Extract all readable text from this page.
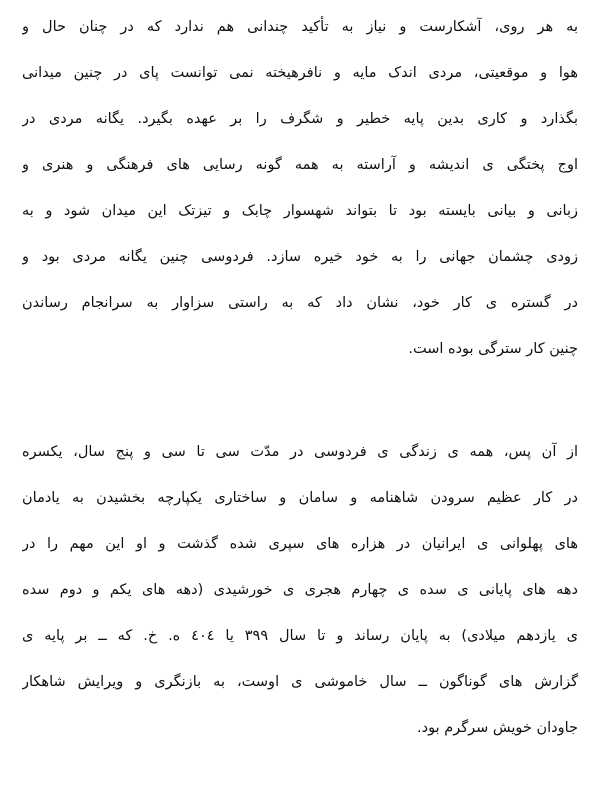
به هر روی، آشکارست و نیاز به تأکید چندانی هم ندارد که در چنان حال و
هوا و موقعیتی، مردی اندک مایه و نافرهیخته نمی توانست پای در چنین میدانی
بگذارد و کاری بدین پایه خطیر و شگرف را بر عهده بگیرد. یگانه مردی در
اوج پختگی ی اندیشه و آراسته به همه گونه رسایی های فرهنگی و هنری و
زبانی و بیانی بایسته بود تا بتواند شهسوار چابک و تیزتک این میدان شود و به
زودی چشمان جهانی را به خود خیره سازد. فردوسی چنین یگانه مردی بود و
در گستره ی کار خود، نشان داد که به راستی سزاوار به سرانجام رساندن
چنین کار سترگی بوده است.
از آن پس، همه ی زندگی ی فردوسی در مدّت سی تا سی و پنج سال، یکسره
در کار عظیم سرودن شاهنامه و سامان و ساختاری یکپارچه بخشیدن به یادمان
های پهلوانی ی ایرانیان در هزاره های سپری شده گذشت و او این مهم را در
دهه های پایانی ی سده ی چهارم هجری ی خورشیدی (دهه های یکم و دوم سده
ی یازدهم میلادی) به پایان رساند و تا سال ۳۹۹ یا ٤٠٤ ه. خ. که ــ بر پایه ی
گزارش های گوناگون ــ سال خاموشی ی اوست، به بازنگری و ویرایش شاهکار
جاودان خویش سرگرم بود.
